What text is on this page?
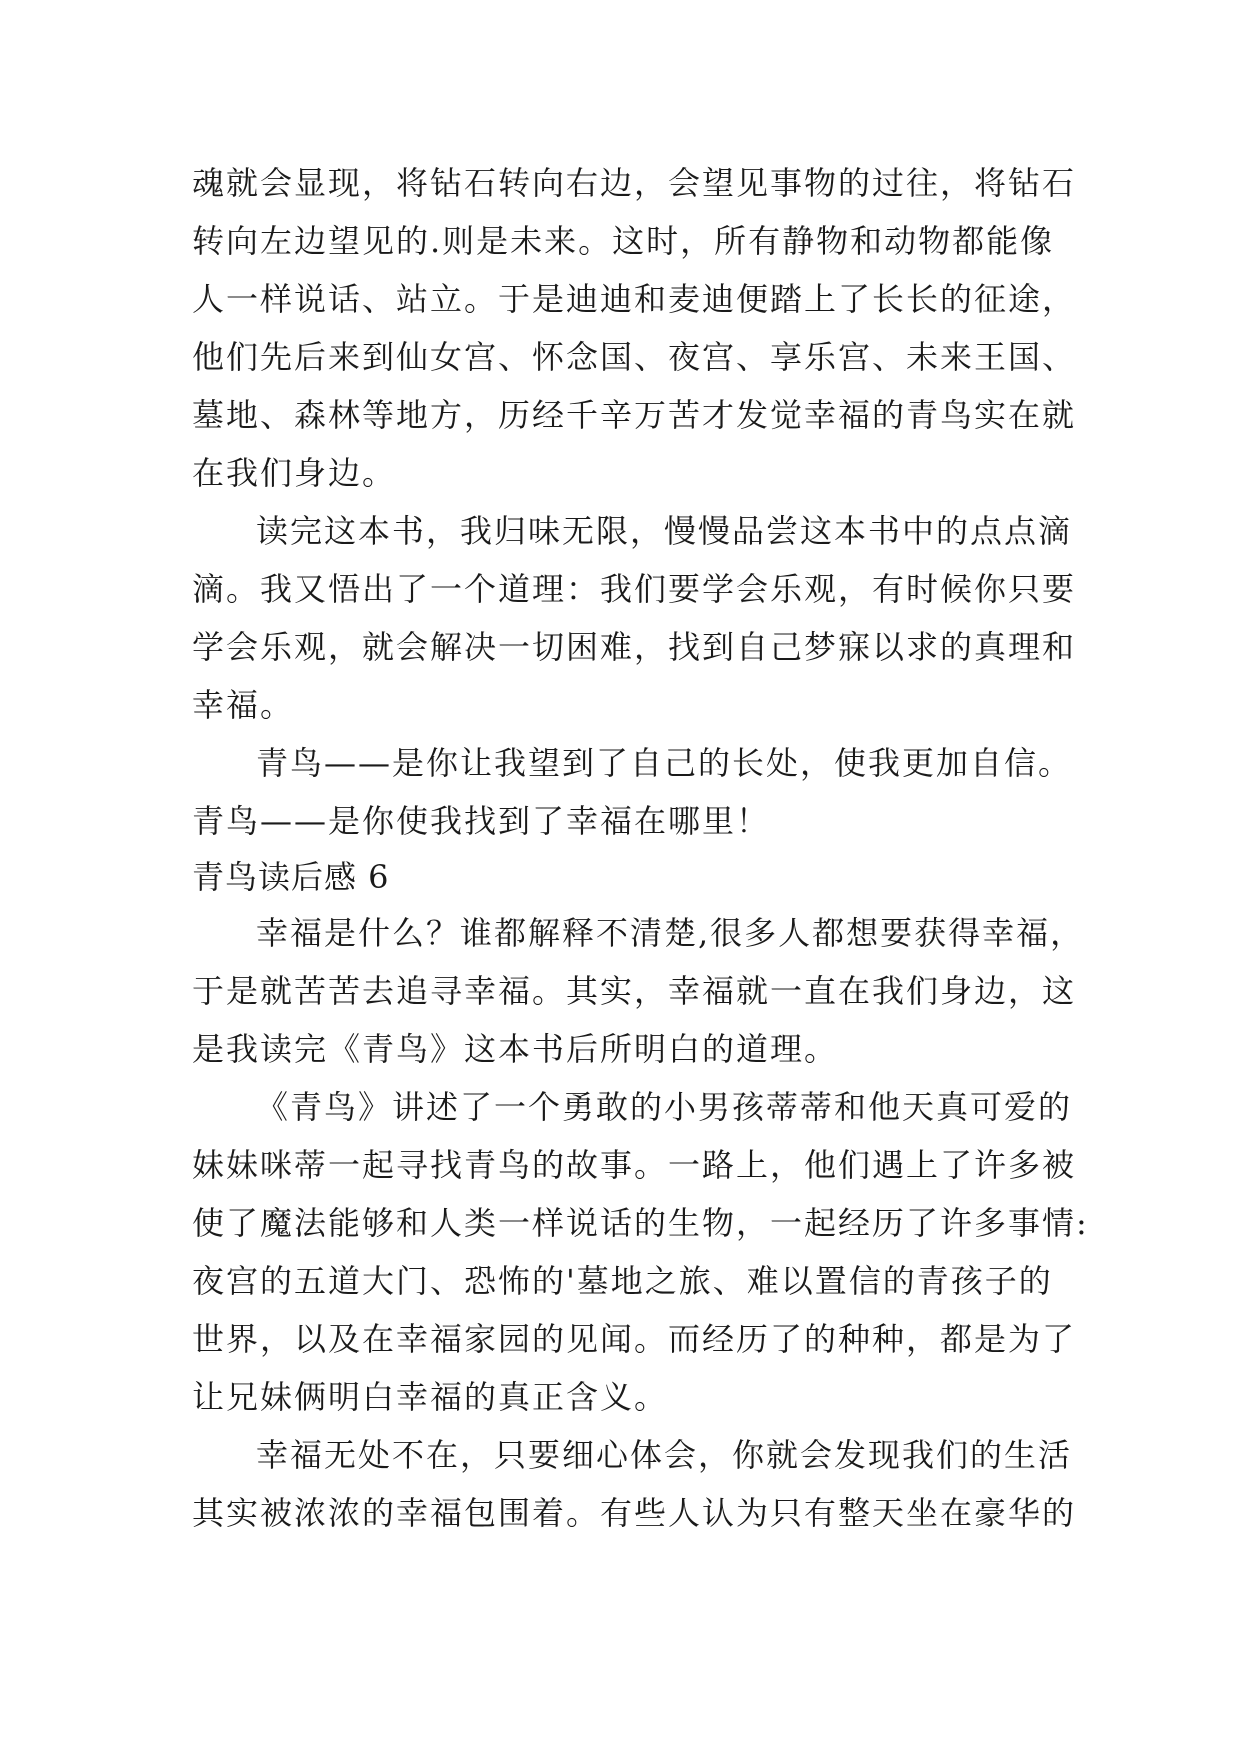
魂就会显现，将钻石转向右边，会望见事物的过往，将钻石
转向左边望见的.则是未来。这时，所有静物和动物都能像
人一样说话、站立。于是迪迪和麦迪便踏上了长长的征途，
他们先后来到仙女宫、怀念国、夜宫、享乐宫、未来王国、
墓地、森林等地方，历经千辛万苦才发觉幸福的青鸟实在就
在我们身边。
读完这本书，我归味无限，慢慢品尝这本书中的点点滴
滴。我又悟出了一个道理：我们要学会乐观，有时候你只要
学会乐观，就会解决一切困难，找到自己梦寐以求的真理和
幸福。
青鸟——是你让我望到了自己的长处，使我更加自信。
青鸟——是你使我找到了幸福在哪里！
青鸟读后感 6
幸福是什么？谁都解释不清楚,很多人都想要获得幸福，
于是就苦苦去追寻幸福。其实，幸福就一直在我们身边，这
是我读完《青鸟》这本书后所明白的道理。
《青鸟》讲述了一个勇敢的小男孩蒂蒂和他天真可爱的
妹妹咪蒂一起寻找青鸟的故事。一路上，他们遇上了许多被
使了魔法能够和人类一样说话的生物，一起经历了许多事情:
夜宫的五道大门、恐怖的'墓地之旅、难以置信的青孩子的
世界，以及在幸福家园的见闻。而经历了的种种，都是为了
让兄妹俩明白幸福的真正含义。
幸福无处不在，只要细心体会，你就会发现我们的生活
其实被浓浓的幸福包围着。有些人认为只有整天坐在豪华的
